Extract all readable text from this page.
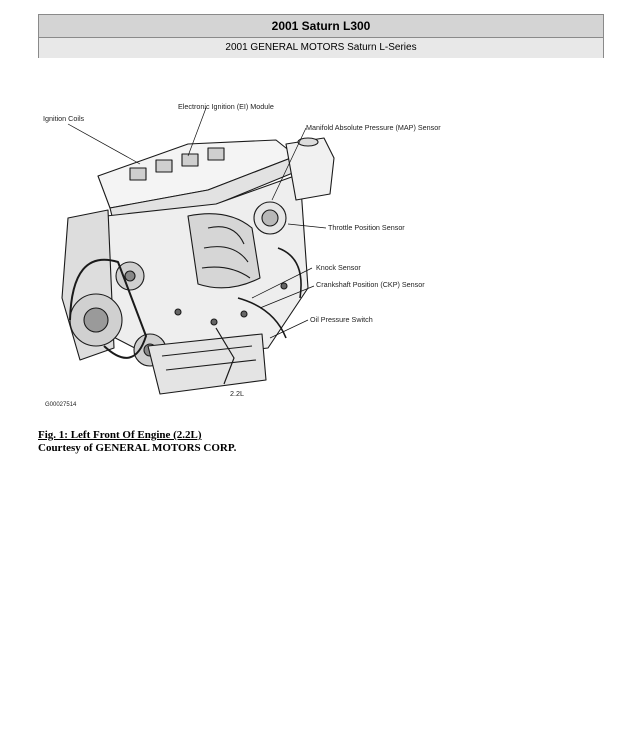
2001 Saturn L300
2001 GENERAL MOTORS Saturn L-Series
Ignition Coils
Electronic Ignition (EI) Module
Manifold Absolute Pressure (MAP) Sensor
Throttle Position Sensor
Knock Sensor
Crankshaft Position (CKP) Sensor
Oil Pressure Switch
2.2L
G00027514
Fig. 1: Left Front Of Engine (2.2L)
Courtesy of GENERAL MOTORS CORP.
